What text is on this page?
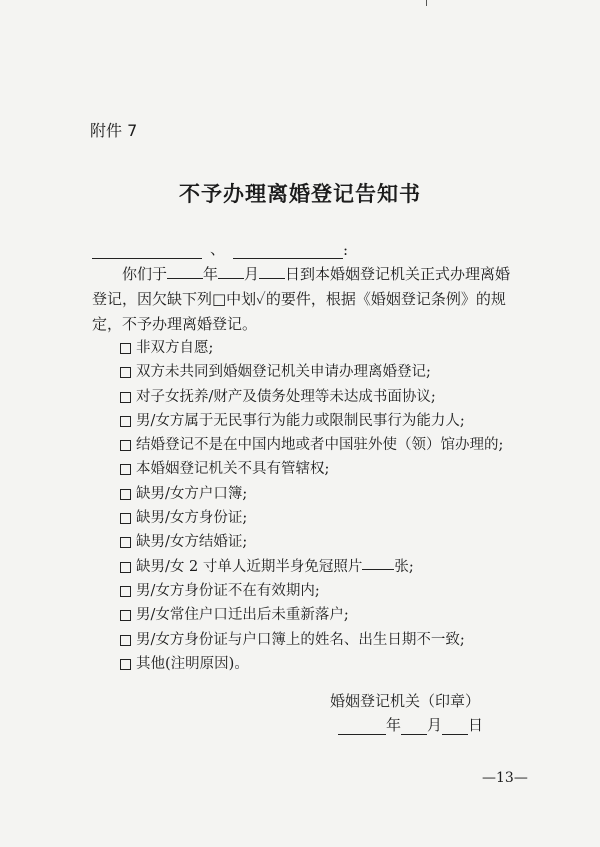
附件 7
不予办理离婚登记告知书
、	:
你们于 年 月 日到本婚姻登记机关正式办理离婚登记，因欠缺下列□中划✓的要件，根据《婚姻登记条例》的规定，不予办理离婚登记。
非双方自愿;
双方未共同到婚姻登记机关申请办理离婚登记;
对子女抚养/财产及债务处理等未达成书面协议;
男/女方属于无民事行为能力或限制民事行为能力人;
结婚登记不是在中国内地或者中国驻外使（领）馆办理的;
本婚姻登记机关不具有管辖权;
缺男/女方户口簿;
缺男/女方身份证;
缺男/女方结婚证;
缺男/女 2 寸单人近期半身免冠照片 张;
男/女方身份证不在有效期内;
男/女常住户口迁出后未重新落户;
男/女方身份证与户口簿上的姓名、出生日期不一致;
其他(注明原因)。
婚姻登记机关（印章）
年 月 日
—13—
